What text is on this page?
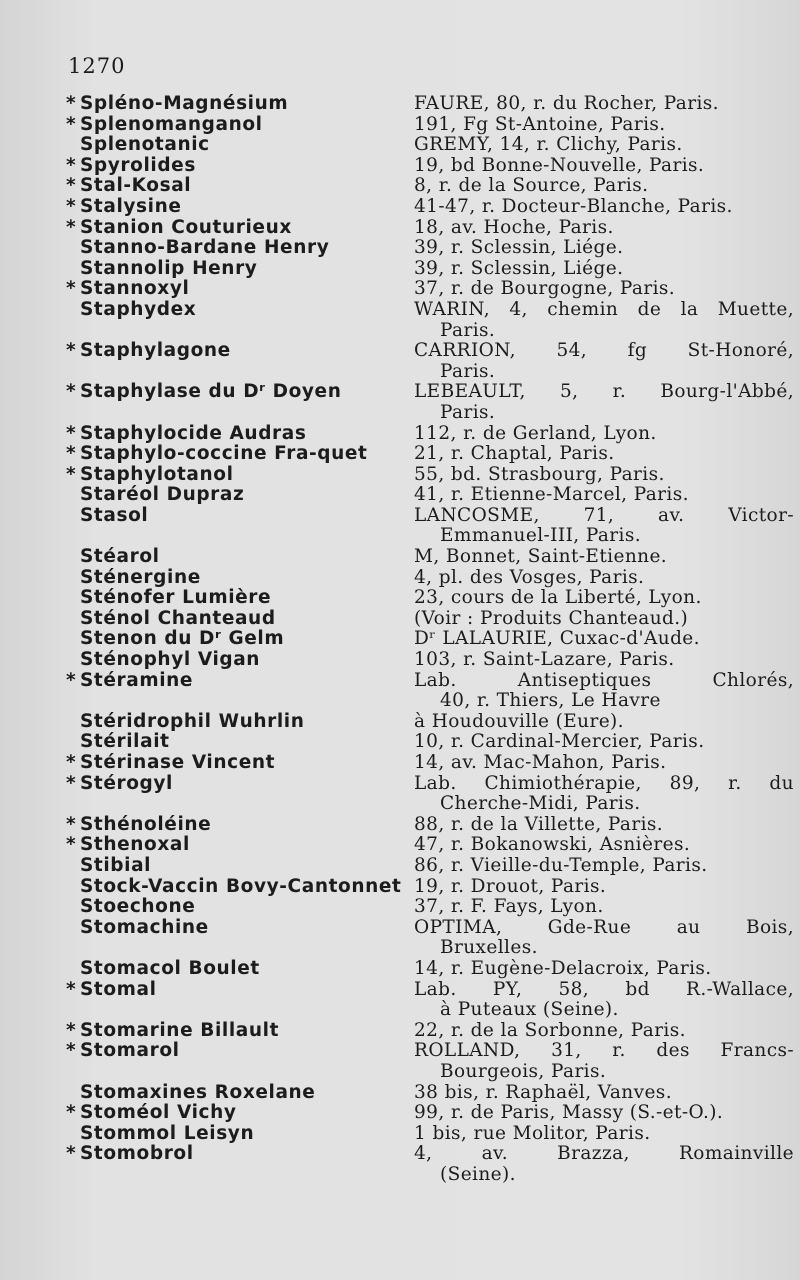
1270
* Spléno-Magnésium	FAURE, 80, r. du Rocher, Paris.
* Splenomanganol	191, Fg St-Antoine, Paris.
Splenotanic	GREMY, 14, r. Clichy, Paris.
* Spyrolides	19, bd Bonne-Nouvelle, Paris.
* Stal-Kosal	8, r. de la Source, Paris.
* Stalysine	41-47, r. Docteur-Blanche, Paris.
* Stanion Couturieux	18, av. Hoche, Paris.
Stanno-Bardane Henry	39, r. Sclessin, Liége.
Stannolip Henry	39, r. Sclessin, Liége.
* Stannoxyl	37, r. de Bourgogne, Paris.
Staphydex	WARIN, 4, chemin de la Muette,
Paris.
* Staphylagone	CARRION, 54, fg St-Honoré,
Paris.
* Staphylase du Dʳ Doyen	LEBEAULT, 5, r. Bourg-l'Abbé,
Paris.
* Staphylocide Audras	112, r. de Gerland, Lyon.
* Staphylo-coccine Fra-quet	21, r. Chaptal, Paris.
* Staphylotanol	55, bd. Strasbourg, Paris.
Staréol Dupraz	41, r. Etienne-Marcel, Paris.
Stasol	LANCOSME, 71, av. Victor-
Emmanuel-III, Paris.
Stéarol	M, Bonnet, Saint-Etienne.
Sténergine	4, pl. des Vosges, Paris.
Sténofer Lumière	23, cours de la Liberté, Lyon.
Sténol Chanteaud	(Voir : Produits Chanteaud.)
Stenon du Dʳ Gelm	Dʳ LALAURIE, Cuxac-d'Aude.
Sténophyl Vigan	103, r. Saint-Lazare, Paris.
* Stéramine	Lab. Antiseptiques Chlorés,
40, r. Thiers, Le Havre
Stéridrophil Wuhrlin	à Houdouville (Eure).
Stérilait	10, r. Cardinal-Mercier, Paris.
* Stérinase Vincent	14, av. Mac-Mahon, Paris.
* Stérogyl	Lab. Chimiothérapie, 89, r. du
Cherche-Midi, Paris.
* Sthénoléine	88, r. de la Villette, Paris.
* Sthenoxal	47, r. Bokanowski, Asnières.
Stibial	86, r. Vieille-du-Temple, Paris.
Stock-Vaccin Bovy-Cantonnet 19, r. Drouot, Paris.
Stoechone	37, r. F. Fays, Lyon.
Stomachine	OPTIMA, Gde-Rue au Bois,
Bruxelles.
Stomacol Boulet	14, r. Eugène-Delacroix, Paris.
* Stomal	Lab. PY, 58, bd R.-Wallace,
à Puteaux (Seine).
* Stomarine Billault	22, r. de la Sorbonne, Paris.
* Stomarol	ROLLAND, 31, r. des Francs-
Bourgeois, Paris.
Stomaxines Roxelane	38 bis, r. Raphaël, Vanves.
* Stoméol Vichy	99, r. de Paris, Massy (S.-et-O.).
Stommol Leisyn	1 bis, rue Molitor, Paris.
* Stomobrol	4, av. Brazza, Romainville
(Seine).
